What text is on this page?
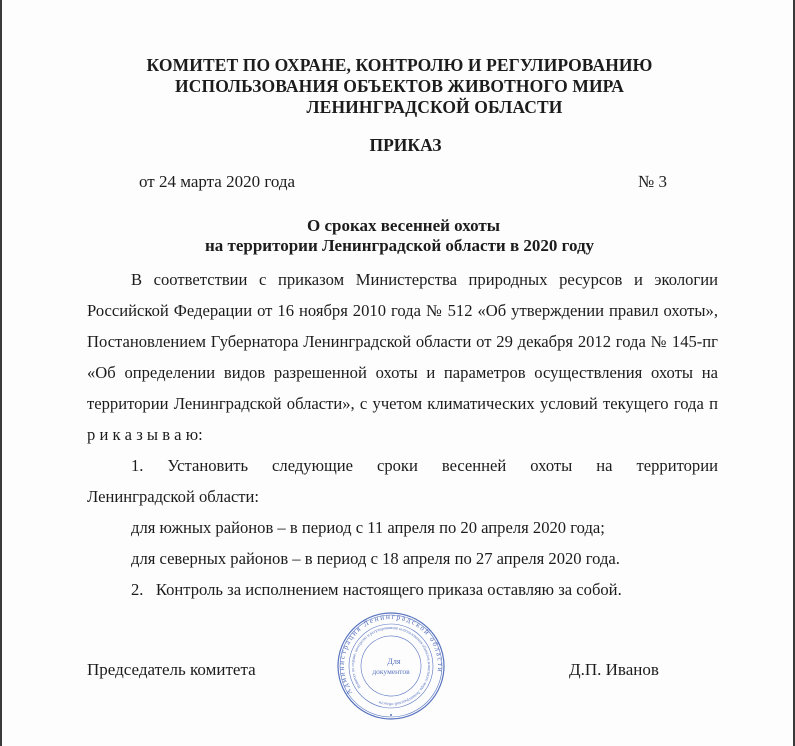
КОМИТЕТ ПО ОХРАНЕ, КОНТРОЛЮ И РЕГУЛИРОВАНИЮ
ИСПОЛЬЗОВАНИЯ ОБЪЕКТОВ ЖИВОТНОГО МИРА
ЛЕНИНГРАДСКОЙ ОБЛАСТИ
ПРИКАЗ
от 24 марта 2020 года	№ 3
О сроках весенней охоты
на территории Ленинградской области в 2020 году
В соответствии с приказом Министерства природных ресурсов и экологии Российской Федерации от 16 ноября 2010 года № 512 «Об утверждении правил охоты», Постановлением Губернатора Ленинградской области от 29 декабря 2012 года № 145-пг «Об определении видов разрешенной охоты и параметров осуществления охоты на территории Ленинградской области», с учетом климатических условий текущего года п р и к а з ы в а ю:
1. Установить следующие сроки весенней охоты на территории
Ленинградской области:
для южных районов – в период с 11 апреля по 20 апреля 2020 года;
для северных районов – в период с 18 апреля по 27 апреля 2020 года.
2.   Контроль за исполнением настоящего приказа оставляю за собой.
Председатель комитета	Д.П. Иванов
Администрация Ленинградской области
Комитет по охране, контролю и регулированию использования объектов животного мира Ленинградской области
Для
документов
